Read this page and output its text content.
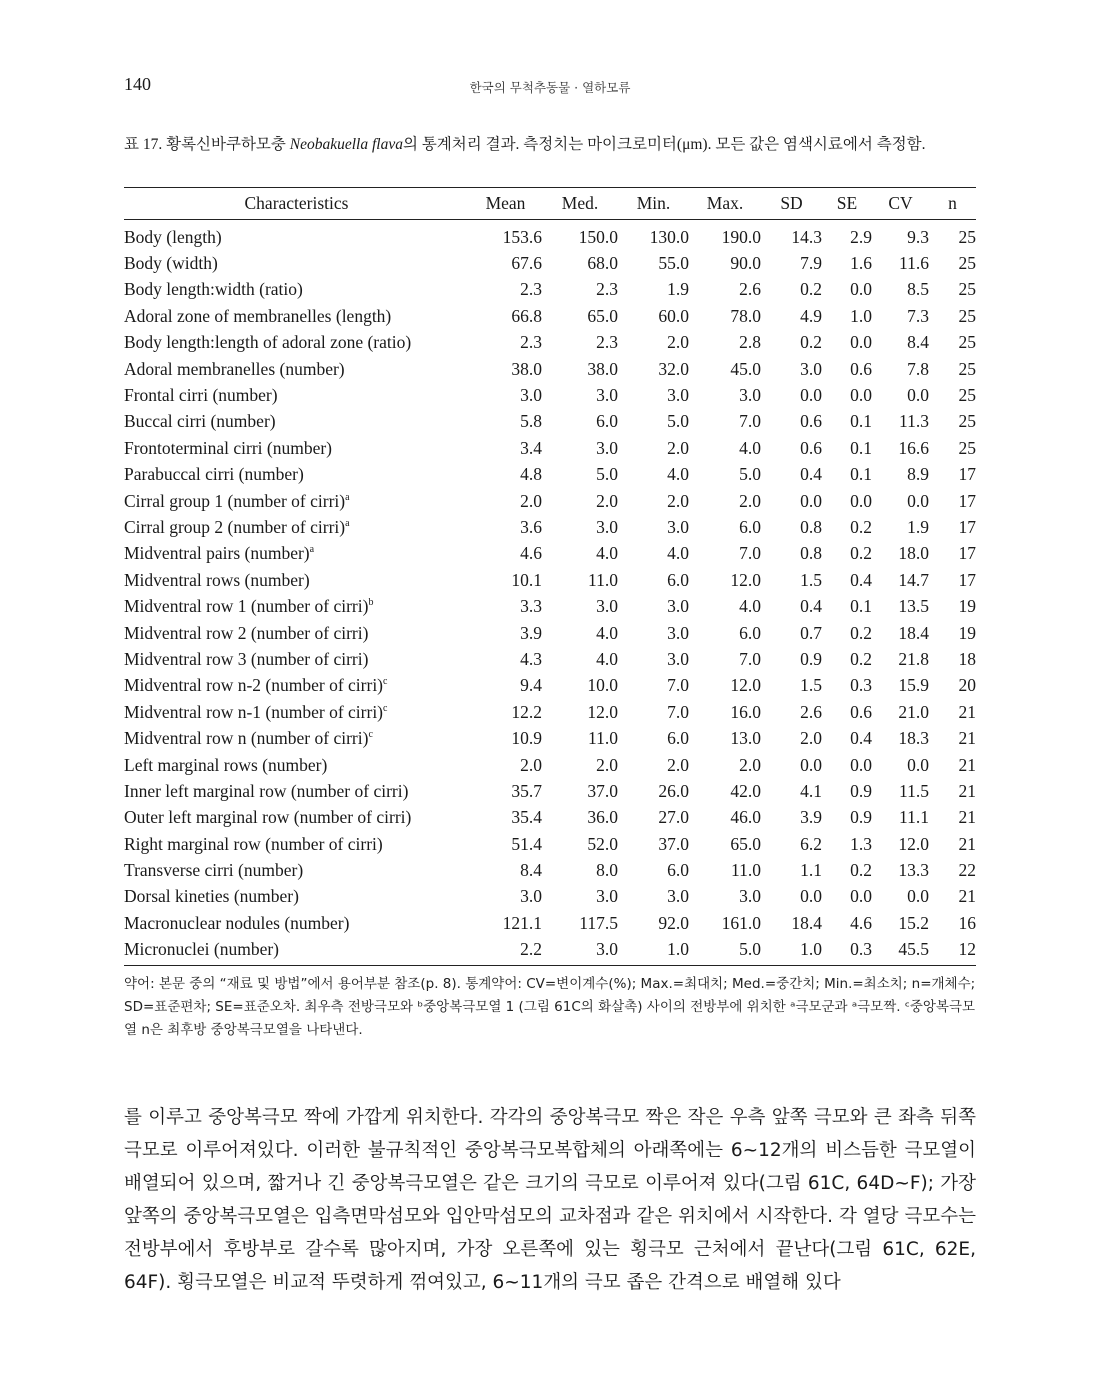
140	한국의 무척추동물 · 열하모류
표 17. 황록신바쿠하모충 Neobakuella flava의 통계처리 결과. 측정치는 마이크로미터(μm). 모든 값은 염색시료에서 측정함.
Characteristics	Mean	Med.	Min.	Max.	SD	SE	CV	n
Body (length)	153.6	150.0	130.0	190.0	14.3	2.9	9.3	25
Body (width)	67.6	68.0	55.0	90.0	7.9	1.6	11.6	25
Body length:width (ratio)	2.3	2.3	1.9	2.6	0.2	0.0	8.5	25
Adoral zone of membranelles (length)	66.8	65.0	60.0	78.0	4.9	1.0	7.3	25
Body length:length of adoral zone (ratio)	2.3	2.3	2.0	2.8	0.2	0.0	8.4	25
Adoral membranelles (number)	38.0	38.0	32.0	45.0	3.0	0.6	7.8	25
Frontal cirri (number)	3.0	3.0	3.0	3.0	0.0	0.0	0.0	25
Buccal cirri (number)	5.8	6.0	5.0	7.0	0.6	0.1	11.3	25
Frontoterminal cirri (number)	3.4	3.0	2.0	4.0	0.6	0.1	16.6	25
Parabuccal cirri (number)	4.8	5.0	4.0	5.0	0.4	0.1	8.9	17
Cirral group 1 (number of cirri)$^a$	2.0	2.0	2.0	2.0	0.0	0.0	0.0	17
Cirral group 2 (number of cirri)$^a$	3.6	3.0	3.0	6.0	0.8	0.2	1.9	17
Midventral pairs (number)$^a$	4.6	4.0	4.0	7.0	0.8	0.2	18.0	17
Midventral rows (number)	10.1	11.0	6.0	12.0	1.5	0.4	14.7	17
Midventral row 1 (number of cirri)$^b$	3.3	3.0	3.0	4.0	0.4	0.1	13.5	19
Midventral row 2 (number of cirri)	3.9	4.0	3.0	6.0	0.7	0.2	18.4	19
Midventral row 3 (number of cirri)	4.3	4.0	3.0	7.0	0.9	0.2	21.8	18
Midventral row n-2 (number of cirri)$^c$	9.4	10.0	7.0	12.0	1.5	0.3	15.9	20
Midventral row n-1 (number of cirri)$^c$	12.2	12.0	7.0	16.0	2.6	0.6	21.0	21
Midventral row n (number of cirri)$^c$	10.9	11.0	6.0	13.0	2.0	0.4	18.3	21
Left marginal rows (number)	2.0	2.0	2.0	2.0	0.0	0.0	0.0	21
Inner left marginal row (number of cirri)	35.7	37.0	26.0	42.0	4.1	0.9	11.5	21
Outer left marginal row (number of cirri)	35.4	36.0	27.0	46.0	3.9	0.9	11.1	21
Right marginal row (number of cirri)	51.4	52.0	37.0	65.0	6.2	1.3	12.0	21
Transverse cirri (number)	8.4	8.0	6.0	11.0	1.1	0.2	13.3	22
Dorsal kineties (number)	3.0	3.0	3.0	3.0	0.0	0.0	0.0	21
Macronuclear nodules (number)	121.1	117.5	92.0	161.0	18.4	4.6	15.2	16
Micronuclei (number)	2.2	3.0	1.0	5.0	1.0	0.3	45.5	12
약어: 본문 중의 “재료 및 방법”에서 용어부분 참조(p. 8). 통계약어: CV=변이계수(%); Max.=최대치; Med.=중간치; Min.=최소치; n=개체수; SD=표준편차; SE=표준오차. 최우측 전방극모와 ᵇ중앙복극모열 1 (그림 61C의 화살촉) 사이의 전방부에 위치한 ᵃ극모군과 ᵃ극모짝. ᶜ중앙복극모열 n은 최후방 중앙복극모열을 나타낸다.

를 이루고 중앙복극모 짝에 가깝게 위치한다. 각각의 중앙복극모 짝은 작은 우측 앞쪽 극모와 큰 좌측 뒤쪽 극모로 이루어져있다. 이러한 불규칙적인 중앙복극모복합체의 아래쪽에는 6~12개의 비스듬한 극모열이 배열되어 있으며, 짧거나 긴 중앙복극모열은 같은 크기의 극모로 이루어져 있다(그림 61C, 64D~F); 가장 앞쪽의 중앙복극모열은 입측면막섬모와 입안막섬모의 교차점과 같은 위치에서 시작한다. 각 열당 극모수는 전방부에서 후방부로 갈수록 많아지며, 가장 오른쪽에 있는 횡극모 근처에서 끝난다(그림 61C, 62E, 64F). 횡극모열은 비교적 뚜렷하게 꺾여있고, 6~11개의 극모 좁은 간격으로 배열해 있다
